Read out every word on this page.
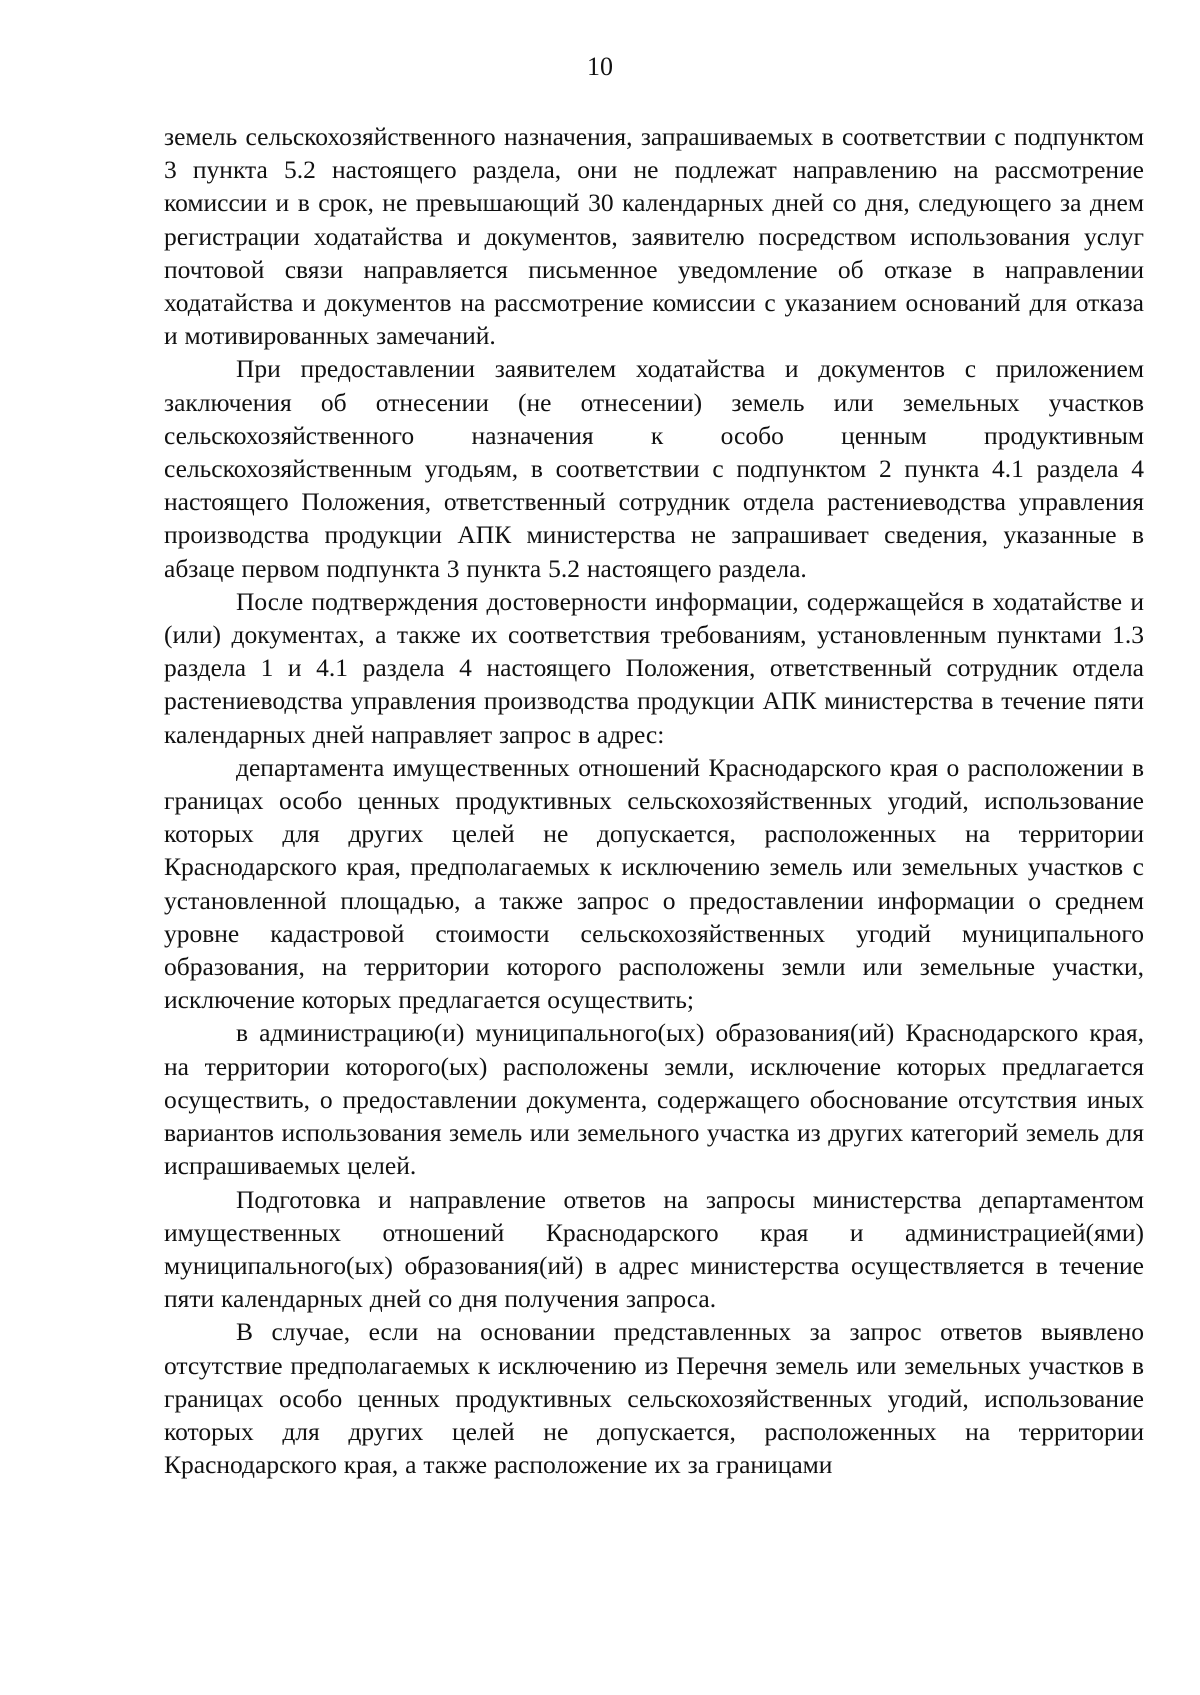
10

земель сельскохозяйственного назначения, запрашиваемых в соответствии с подпунктом 3 пункта 5.2 настоящего раздела, они не подлежат направлению на рассмотрение комиссии и в срок, не превышающий 30 календарных дней со дня, следующего за днем регистрации ходатайства и документов, заявителю посредством использования услуг почтовой связи направляется письменное уведомление об отказе в направлении ходатайства и документов на рассмотрение комиссии с указанием оснований для отказа и мотивированных замечаний.

При предоставлении заявителем ходатайства и документов с приложением заключения об отнесении (не отнесении) земель или земельных участков сельскохозяйственного назначения к особо ценным продуктивным сельскохозяйственным угодьям, в соответствии с подпунктом 2 пункта 4.1 раздела 4 настоящего Положения, ответственный сотрудник отдела растениеводства управления производства продукции АПК министерства не запрашивает сведения, указанные в абзаце первом подпункта 3 пункта 5.2 настоящего раздела.

После подтверждения достоверности информации, содержащейся в ходатайстве и (или) документах, а также их соответствия требованиям, установленным пунктами 1.3 раздела 1 и 4.1 раздела 4 настоящего Положения, ответственный сотрудник отдела растениеводства управления производства продукции АПК министерства в течение пяти календарных дней направляет запрос в адрес:

департамента имущественных отношений Краснодарского края о расположении в границах особо ценных продуктивных сельскохозяйственных угодий, использование которых для других целей не допускается, расположенных на территории Краснодарского края, предполагаемых к исключению земель или земельных участков с установленной площадью, а также запрос о предоставлении информации о среднем уровне кадастровой стоимости сельскохозяйственных угодий муниципального образования, на территории которого расположены земли или земельные участки, исключение которых предлагается осуществить;

в администрацию(и) муниципального(ых) образования(ий) Краснодарского края, на территории которого(ых) расположены земли, исключение которых предлагается осуществить, о предоставлении документа, содержащего обоснование отсутствия иных вариантов использования земель или земельного участка из других категорий земель для испрашиваемых целей.

Подготовка и направление ответов на запросы министерства департаментом имущественных отношений Краснодарского края и администрацией(ями) муниципального(ых) образования(ий) в адрес министерства осуществляется в течение пяти календарных дней со дня получения запроса.

В случае, если на основании представленных за запрос ответов выявлено отсутствие предполагаемых к исключению из Перечня земель или земельных участков в границах особо ценных продуктивных сельскохозяйственных угодий, использование которых для других целей не допускается, расположенных на территории Краснодарского края, а также расположение их за границами
